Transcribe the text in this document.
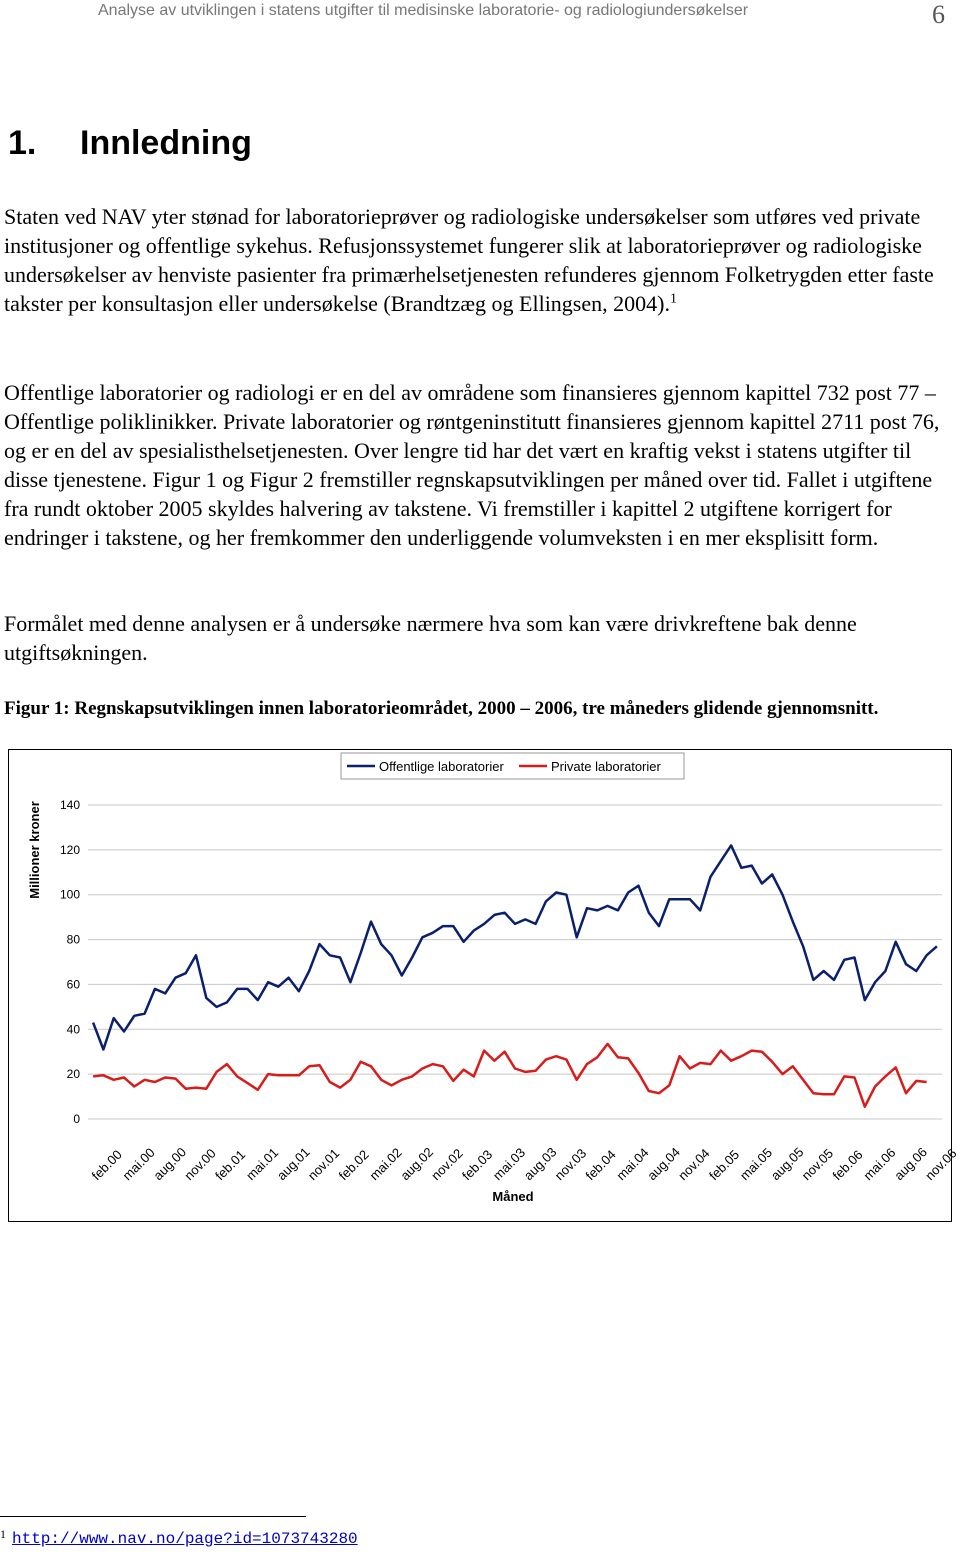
Analyse av utviklingen i statens utgifter til medisinske laboratorie- og radiologiundersøkelser	6
1. Innledning

Staten ved NAV yter stønad for laboratorieprøver og radiologiske undersøkelser som utføres ved private institusjoner og offentlige sykehus. Refusjonssystemet fungerer slik at laboratorieprøver og radiologiske undersøkelser av henviste pasienter fra primærhelsetjenesten refunderes gjennom Folketrygden etter faste takster per konsultasjon eller undersøkelse (Brandtzæg og Ellingsen, 2004).$^1$

Offentlige laboratorier og radiologi er en del av områdene som finansieres gjennom kapittel 732 post 77 – Offentlige poliklinikker. Private laboratorier og røntgeninstitutt finansieres gjennom kapittel 2711 post 76, og er en del av spesialisthelsetjenesten. Over lengre tid har det vært en kraftig vekst i statens utgifter til disse tjenestene. Figur 1 og Figur 2 fremstiller regnskapsutviklingen per måned over tid. Fallet i utgiftene fra rundt oktober 2005 skyldes halvering av takstene. Vi fremstiller i kapittel 2 utgiftene korrigert for endringer i takstene, og her fremkommer den underliggende volumveksten i en mer eksplisitt form.

Formålet med denne analysen er å undersøke nærmere hva som kan være drivkreftene bak denne utgiftsøkningen.

Figur 1: Regnskapsutviklingen innen laboratorieområdet, 2000 – 2006, tre måneders glidende gjennomsnitt.

0
20
40
60
80
100
120
140
feb.00
mai.00
aug.00
nov.00
feb.01
mai.01
aug.01
nov.01
feb.02
mai.02
aug.02
nov.02
feb.03
mai.03
aug.03
nov.03
feb.04
mai.04
aug.04
nov.04
feb.05
mai.05
aug.05
nov.05
feb.06
mai.06
aug.06
nov.06
Millioner kroner
Måned
Offentlige laboratorier	Private laboratorier
$^1$ http://www.nav.no/page?id=1073743280
